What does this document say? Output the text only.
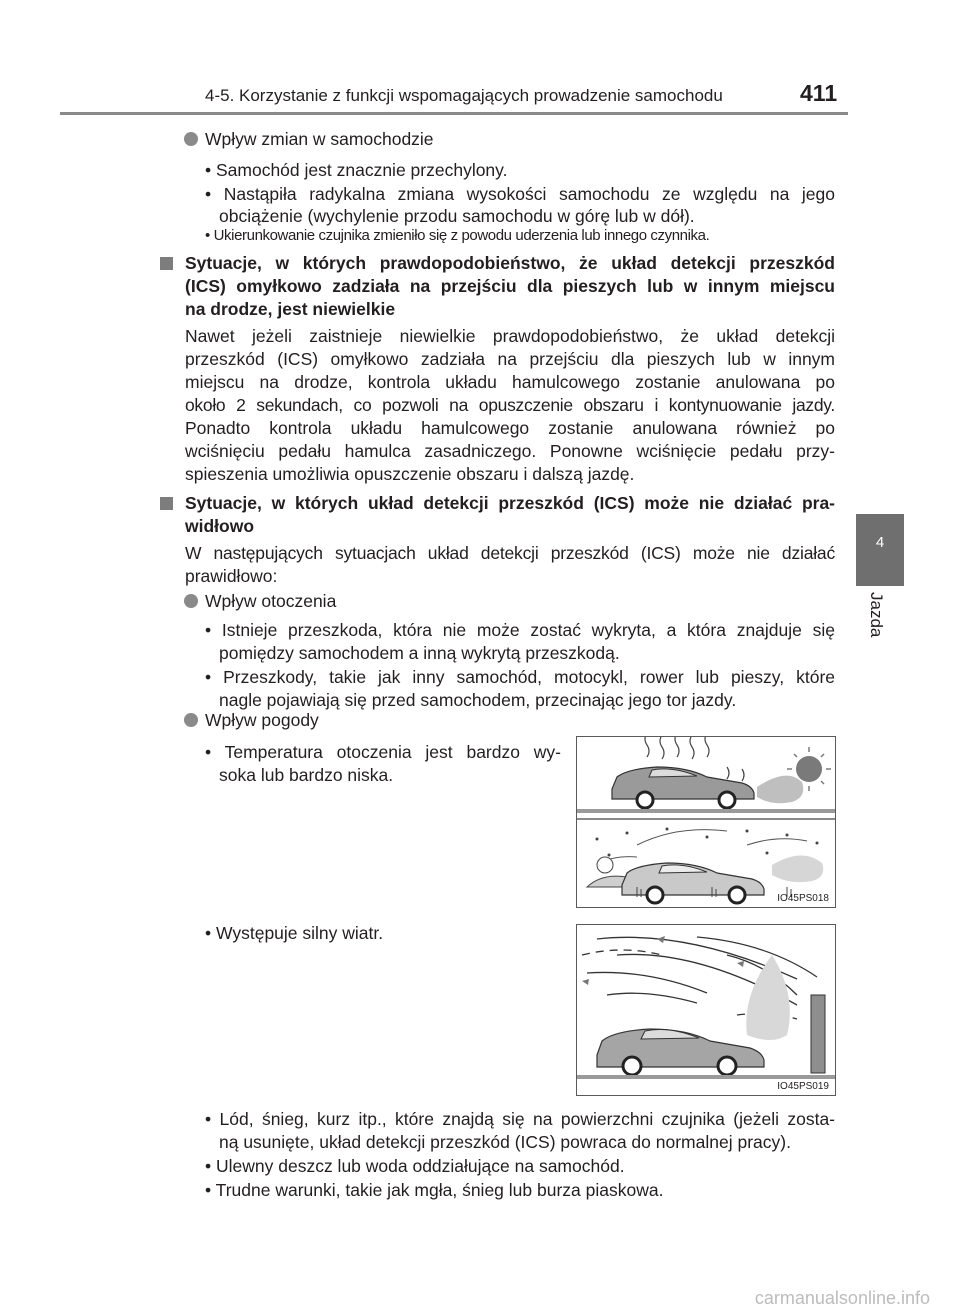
4-5. Korzystanie z funkcji wspomagających prowadzenie samochodu	411
4
Jazda
Wpływ zmian w samochodzie
• Samochód jest znacznie przechylony.
• Nastąpiła radykalna zmiana wysokości samochodu ze względu na jego
obciążenie (wychylenie przodu samochodu w górę lub w dół).
• Ukierunkowanie czujnika zmieniło się z powodu uderzenia lub innego czynnika.
Sytuacje, w których prawdopodobieństwo, że układ detekcji przeszkód
(ICS) omyłkowo zadziała na przejściu dla pieszych lub w innym miejscu
na drodze, jest niewielkie
Nawet jeżeli zaistnieje niewielkie prawdopodobieństwo, że układ detekcji
przeszkód (ICS) omyłkowo zadziała na przejściu dla pieszych lub w innym
miejscu na drodze, kontrola układu hamulcowego zostanie anulowana po
około 2 sekundach, co pozwoli na opuszczenie obszaru i kontynuowanie jazdy.
Ponadto kontrola układu hamulcowego zostanie anulowana również po
wciśnięciu pedału hamulca zasadniczego. Ponowne wciśnięcie pedału przy-
spieszenia umożliwia opuszczenie obszaru i dalszą jazdę.
Sytuacje, w których układ detekcji przeszkód (ICS) może nie działać pra-
widłowo
W następujących sytuacjach układ detekcji przeszkód (ICS) może nie działać
prawidłowo:
Wpływ otoczenia
• Istnieje przeszkoda, która nie może zostać wykryta, a która znajduje się
pomiędzy samochodem a inną wykrytą przeszkodą.
• Przeszkody, takie jak inny samochód, motocykl, rower lub pieszy, które
nagle pojawiają się przed samochodem, przecinając jego tor jazdy.
Wpływ pogody
• Temperatura otoczenia jest bardzo wy-
soka lub bardzo niska.
IO45PS018
• Występuje silny wiatr.
IO45PS019
• Lód, śnieg, kurz itp., które znajdą się na powierzchni czujnika (jeżeli zosta-
ną usunięte, układ detekcji przeszkód (ICS) powraca do normalnej pracy).
• Ulewny deszcz lub woda oddziałujące na samochód.
• Trudne warunki, takie jak mgła, śnieg lub burza piaskowa.
carmanualsonline.info
